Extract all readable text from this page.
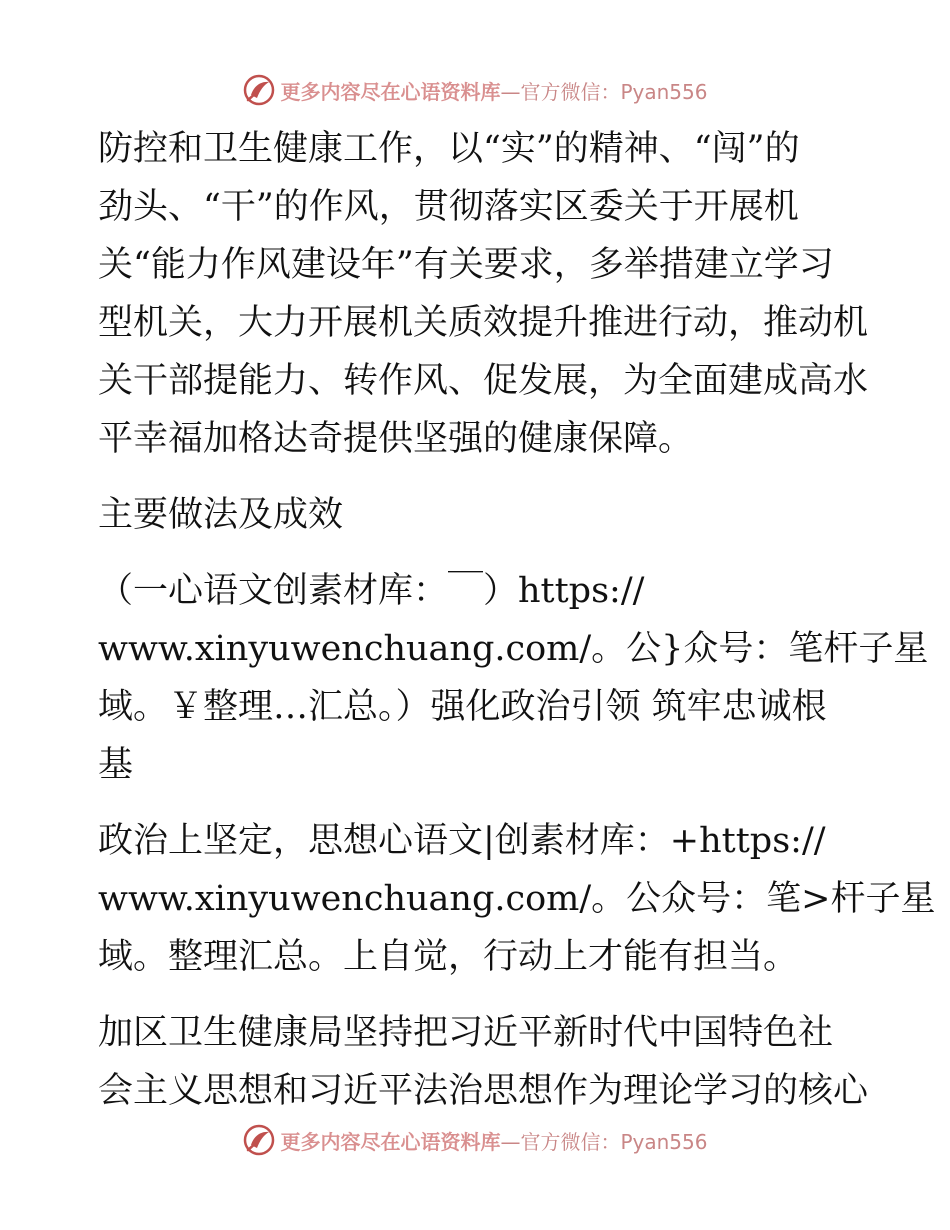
更多内容尽在心语资料库—官方微信：Pyan556
防控和卫生健康工作，以“实”的精神、“闯”的
劲头、“干”的作风，贯彻落实区委关于开展机
关“能力作风建设年”有关要求，多举措建立学习
型机关，大力开展机关质效提升推进行动，推动机
关干部提能力、转作风、促发展，为全面建成高水
平幸福加格达奇提供坚强的健康保障。
主要做法及成效
（一心语文创素材库：￣）https://
www.xinyuwenchuang.com/。公}众号：笔杆子星
域。￥整理…汇总。）强化政治引领 筑牢忠诚根
基
政治上坚定，思想心语文|创素材库：+https://
www.xinyuwenchuang.com/。公众号：笔>杆子星
域。整理汇总。上自觉，行动上才能有担当。
加区卫生健康局坚持把习近平新时代中国特色社
会主义思想和习近平法治思想作为理论学习的核心
更多内容尽在心语资料库—官方微信：Pyan556
